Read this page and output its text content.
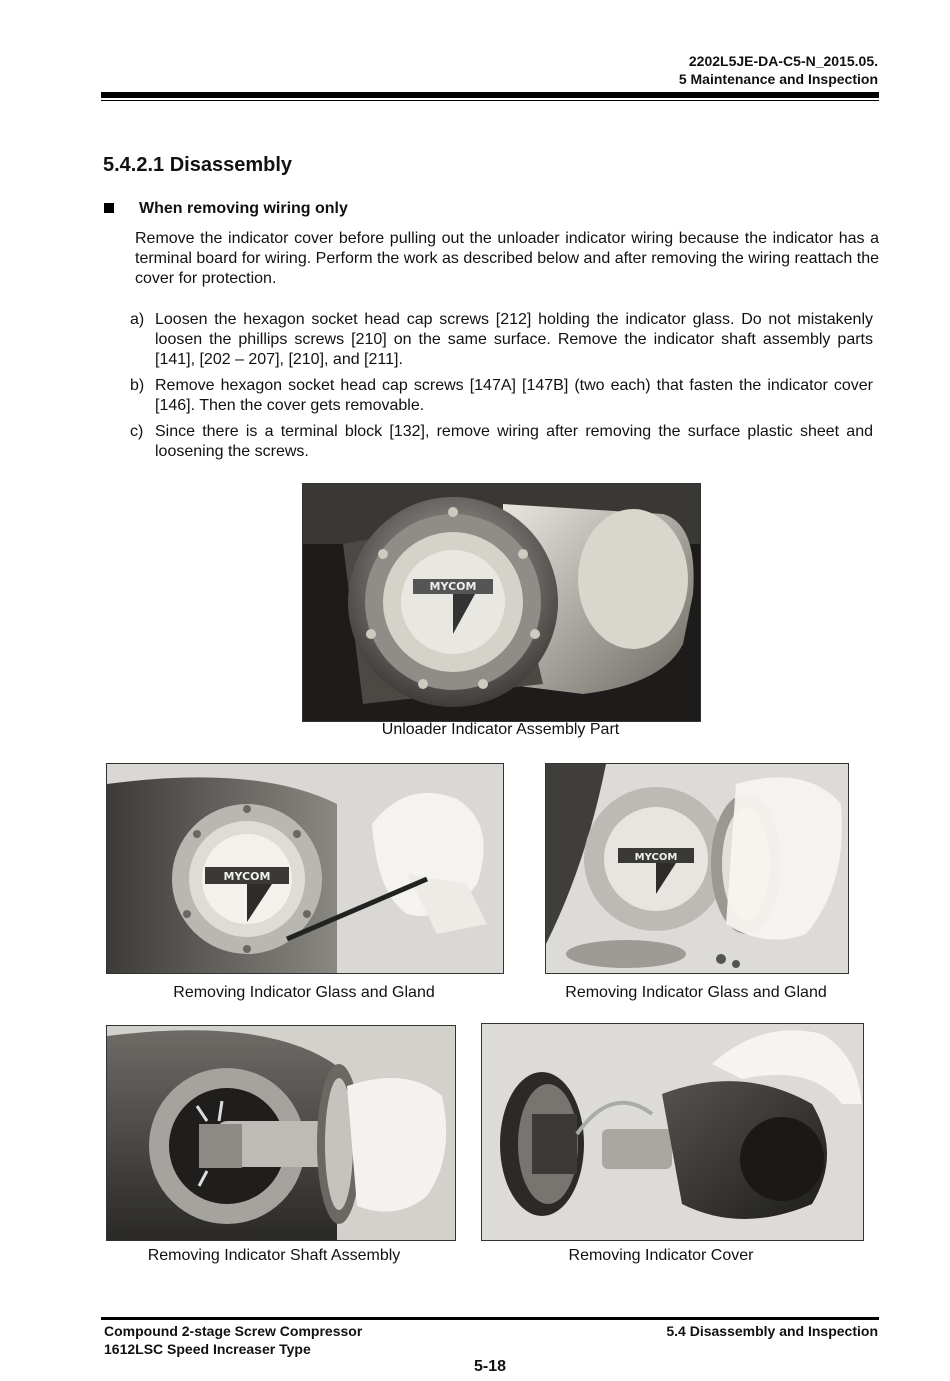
2202L5JE-DA-C5-N_2015.05.
5 Maintenance and Inspection
5.4.2.1 Disassembly
When removing wiring only
Remove the indicator cover before pulling out the unloader indicator wiring because the indicator has a terminal board for wiring. Perform the work as described below and after removing the wiring reattach the cover for protection.
a) Loosen the hexagon socket head cap screws [212] holding the indicator glass. Do not mistakenly loosen the phillips screws [210] on the same surface. Remove the indicator shaft assembly parts [141], [202 – 207], [210], and [211].
b) Remove hexagon socket head cap screws [147A] [147B] (two each) that fasten the indicator cover [146]. Then the cover gets removable.
c) Since there is a terminal block [132], remove wiring after removing the surface plastic sheet and loosening the screws.
MYCOM
Unloader Indicator Assembly Part
MYCOM
Removing Indicator Glass and Gland
MYCOM
Removing Indicator Glass and Gland
Removing Indicator Shaft Assembly	Removing Indicator Cover
Compound 2-stage Screw Compressor
1612LSC Speed Increaser Type
5.4 Disassembly and Inspection
5-18
